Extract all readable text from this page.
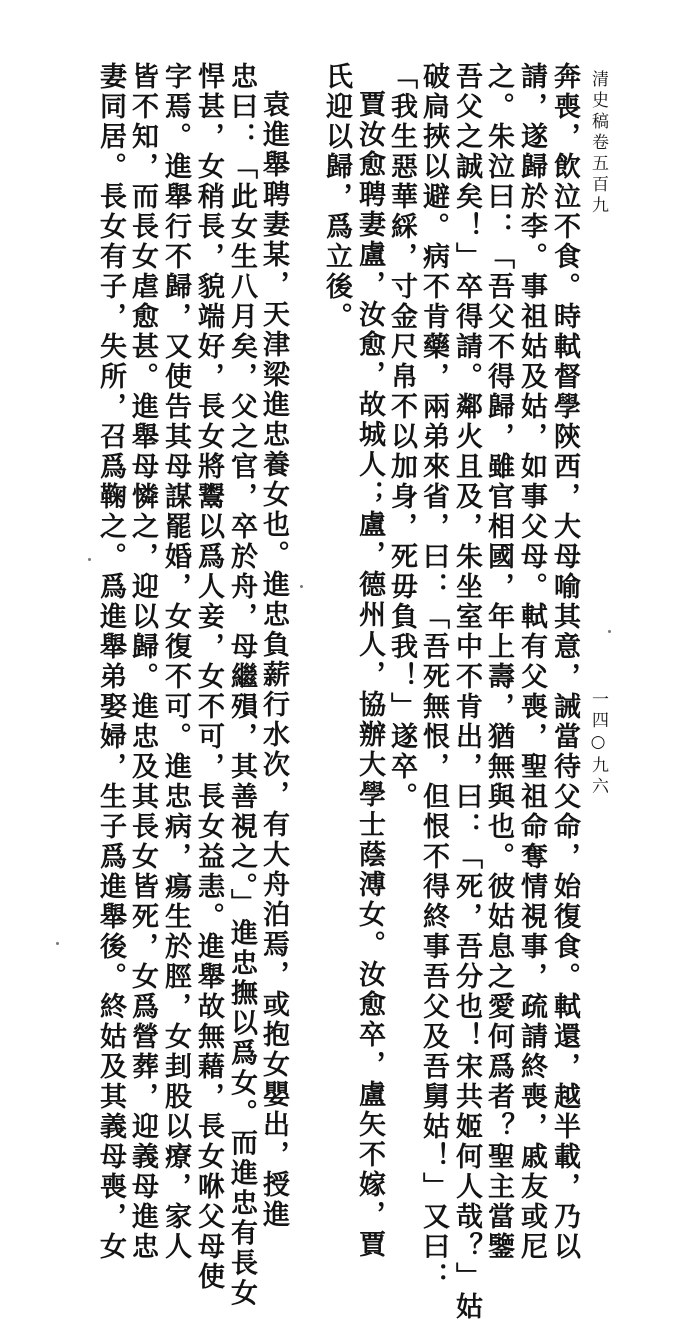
清史稿卷五百九
一四○九六
奔喪，飲泣不食。時軾督學陝西，大母喻其意，誡當待父命，始復食。軾還，越半載，乃以
請，遂歸於李。事祖姑及姑，如事父母。軾有父喪，聖祖命奪情視事，疏請終喪，戚友或尼
之。朱泣曰：「吾父不得歸，雖官相國，年上壽，猶無與也。彼姑息之愛何爲者？聖主當鑒
吾父之誠矣！」卒得請。鄰火且及，朱坐室中不肯出，曰：「死，吾分也！宋共姬何人哉？」姑
破扃挾以避。病不肯藥，兩弟來省，曰：「吾死無恨，但恨不得終事吾父及吾舅姑！」又曰：
「我生惡華綵，寸金尺帛不以加身，死毋負我！」遂卒。
賈汝愈聘妻盧，汝愈，故城人；盧，德州人，協辦大學士蔭溥女。汝愈卒，盧矢不嫁，賈
氏迎以歸，爲立後。
袁進舉聘妻某，天津梁進忠養女也。進忠負薪行水次，有大舟泊焉，或抱女嬰出，授進
忠曰：「此女生八月矣，父之官，卒於舟，母繼殞，其善視之。」進忠撫以爲女。而進忠有長女
悍甚，女稍長，貌端好，長女將鬻以爲人妾，女不可，長女益恚。進舉故無藉，長女咻父母使
字焉。進舉行不歸，又使告其母謀罷婚，女復不可。進忠病，瘍生於脛，女刲股以療，家人
皆不知，而長女虐愈甚。進舉母憐之，迎以歸。進忠及其長女皆死，女爲營葬，迎義母進忠
妻同居。長女有子，失所，召爲鞠之。爲進舉弟娶婦，生子爲進舉後。終姑及其義母喪，女
